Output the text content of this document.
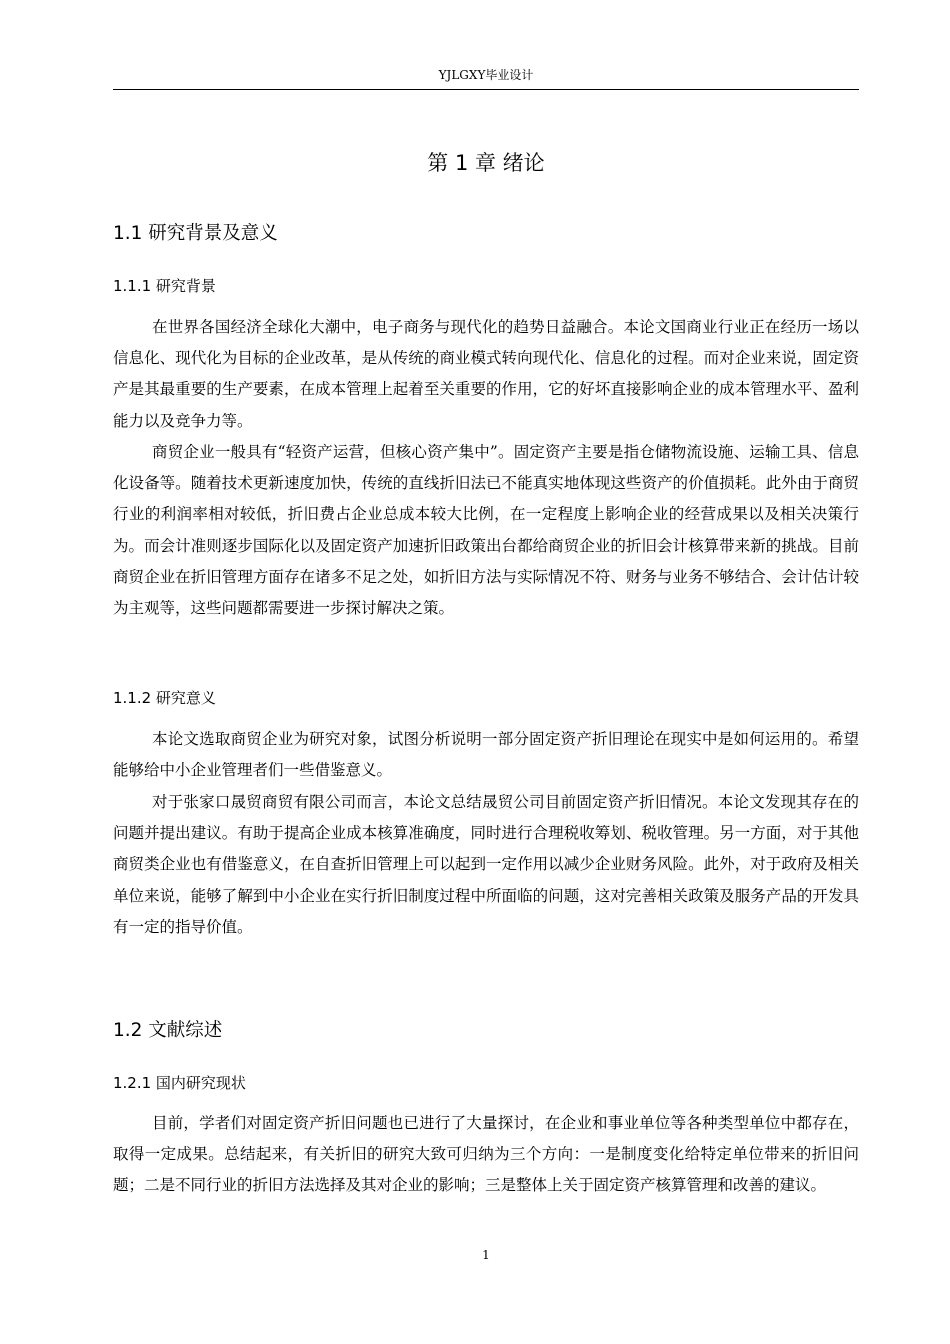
YJLGXY毕业设计
第 1 章 绪论
1.1 研究背景及意义
1.1.1 研究背景

在世界各国经济全球化大潮中，电子商务与现代化的趋势日益融合。本论文国商业行业正在经历一场以信息化、现代化为目标的企业改革，是从传统的商业模式转向现代化、信息化的过程。而对企业来说，固定资产是其最重要的生产要素，在成本管理上起着至关重要的作用，它的好坏直接影响企业的成本管理水平、盈利能力以及竞争力等。

商贸企业一般具有“轻资产运营，但核心资产集中”。固定资产主要是指仓储物流设施、运输工具、信息化设备等。随着技术更新速度加快，传统的直线折旧法已不能真实地体现这些资产的价值损耗。此外由于商贸行业的利润率相对较低，折旧费占企业总成本较大比例，在一定程度上影响企业的经营成果以及相关决策行为。而会计准则逐步国际化以及固定资产加速折旧政策出台都给商贸企业的折旧会计核算带来新的挑战。目前商贸企业在折旧管理方面存在诸多不足之处，如折旧方法与实际情况不符、财务与业务不够结合、会计估计较为主观等，这些问题都需要进一步探讨解决之策。

1.1.2 研究意义

本论文选取商贸企业为研究对象，试图分析说明一部分固定资产折旧理论在现实中是如何运用的。希望能够给中小企业管理者们一些借鉴意义。

对于张家口晟贸商贸有限公司而言，本论文总结晟贸公司目前固定资产折旧情况。本论文发现其存在的问题并提出建议。有助于提高企业成本核算准确度，同时进行合理税收筹划、税收管理。另一方面，对于其他商贸类企业也有借鉴意义，在自查折旧管理上可以起到一定作用以减少企业财务风险。此外，对于政府及相关单位来说，能够了解到中小企业在实行折旧制度过程中所面临的问题，这对完善相关政策及服务产品的开发具有一定的指导价值。

1.2 文献综述
1.2.1 国内研究现状

目前，学者们对固定资产折旧问题也已进行了大量探讨，在企业和事业单位等各种类型单位中都存在，取得一定成果。总结起来，有关折旧的研究大致可归纳为三个方向：一是制度变化给特定单位带来的折旧问题；二是不同行业的折旧方法选择及其对企业的影响；三是整体上关于固定资产核算管理和改善的建议。

1
